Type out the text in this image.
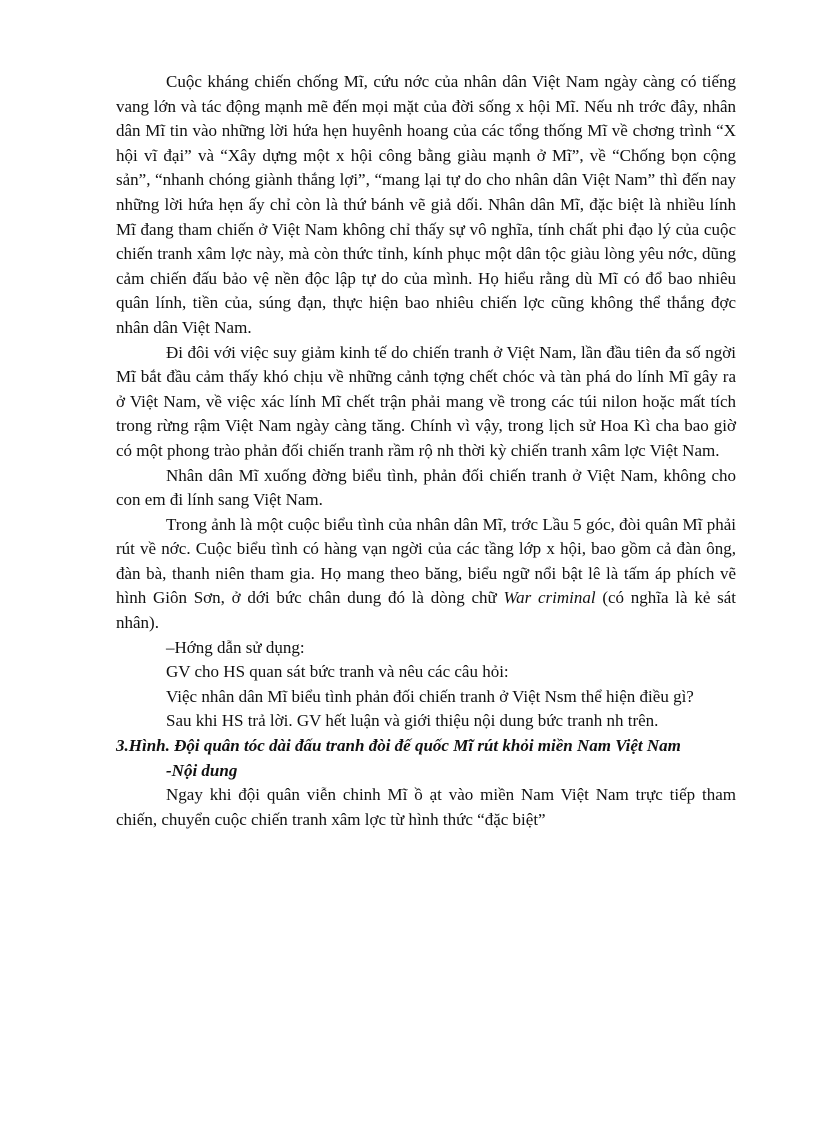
Cuộc kháng chiến chống Mĩ, cứu nớc của nhân dân Việt Nam ngày càng có tiếng vang lớn và tác động mạnh mẽ đến mọi mặt của đời sống x hội Mĩ. Nếu nh trớc đây, nhân dân Mĩ tin vào những lời hứa hẹn huyênh hoang của các tổng thống Mĩ về chơng trình “X hội vĩ đại” và “Xây dựng một x hội công bằng giàu mạnh ở Mĩ”, về “Chống bọn cộng sản”, “nhanh chóng giành thắng lợi”, “mang lại tự do cho nhân dân Việt Nam” thì đến nay những lời hứa hẹn ấy chỉ còn là thứ bánh vẽ giả dối. Nhân dân Mĩ, đặc biệt là nhiều lính Mĩ đang tham chiến ở Việt Nam không chỉ thấy sự vô nghĩa, tính chất phi đạo lý của cuộc chiến tranh xâm lợc này, mà còn thức tỉnh, kính phục một dân tộc giàu lòng yêu nớc, dũng cảm chiến đấu bảo vệ nền độc lập tự do của mình. Họ hiểu rằng dù Mĩ có đổ bao nhiêu quân lính, tiền của, súng đạn, thực hiện bao nhiêu chiến lợc cũng không thể thắng đợc nhân dân Việt Nam.

Đi đôi với việc suy giảm kinh tế do chiến tranh ở Việt Nam, lần đầu tiên đa số ngời Mĩ bắt đầu cảm thấy khó chịu về những cảnh tợng chết chóc và tàn phá do lính Mĩ gây ra ở Việt Nam, về việc xác lính Mĩ chết trận phải mang về trong các túi nilon hoặc mất tích trong rừng rậm Việt Nam ngày càng tăng. Chính vì vậy, trong lịch sử Hoa Kì cha bao giờ có một phong trào phản đối chiến tranh rầm rộ nh thời kỳ chiến tranh xâm lợc Việt Nam.

Nhân dân Mĩ xuống đờng biểu tình, phản đối chiến tranh ở Việt Nam, không cho con em đi lính sang Việt Nam.

Trong ảnh là một cuộc biểu tình của nhân dân Mĩ, trớc Lầu 5 góc, đòi quân Mĩ phải rút về nớc. Cuộc biểu tình có hàng vạn ngời của các tầng lớp x hội, bao gồm cả đàn ông, đàn bà, thanh niên tham gia. Họ mang theo băng, biểu ngữ nổi bật lê là tấm áp phích vẽ hình Giôn Sơn, ở dới bức chân dung đó là dòng chữ War criminal (có nghĩa là kẻ sát nhân).

–Hớng dẫn sử dụng:

GV cho HS quan sát bức tranh và nêu các câu hỏi:

Việc nhân dân Mĩ biểu tình phản đối chiến tranh ở Việt Nsm thể hiện điều gì?

Sau khi HS trả lời. GV hết luận và giới thiệu nội dung bức tranh nh trên.

3.Hình. Đội quân tóc dài đấu tranh đòi đế quốc Mĩ rút khỏi miền Nam Việt Nam

-Nội dung

Ngay khi đội quân viễn chinh Mĩ ồ ạt vào miền Nam Việt Nam trực tiếp tham chiến, chuyển cuộc chiến tranh xâm lợc từ hình thức “đặc biệt”
